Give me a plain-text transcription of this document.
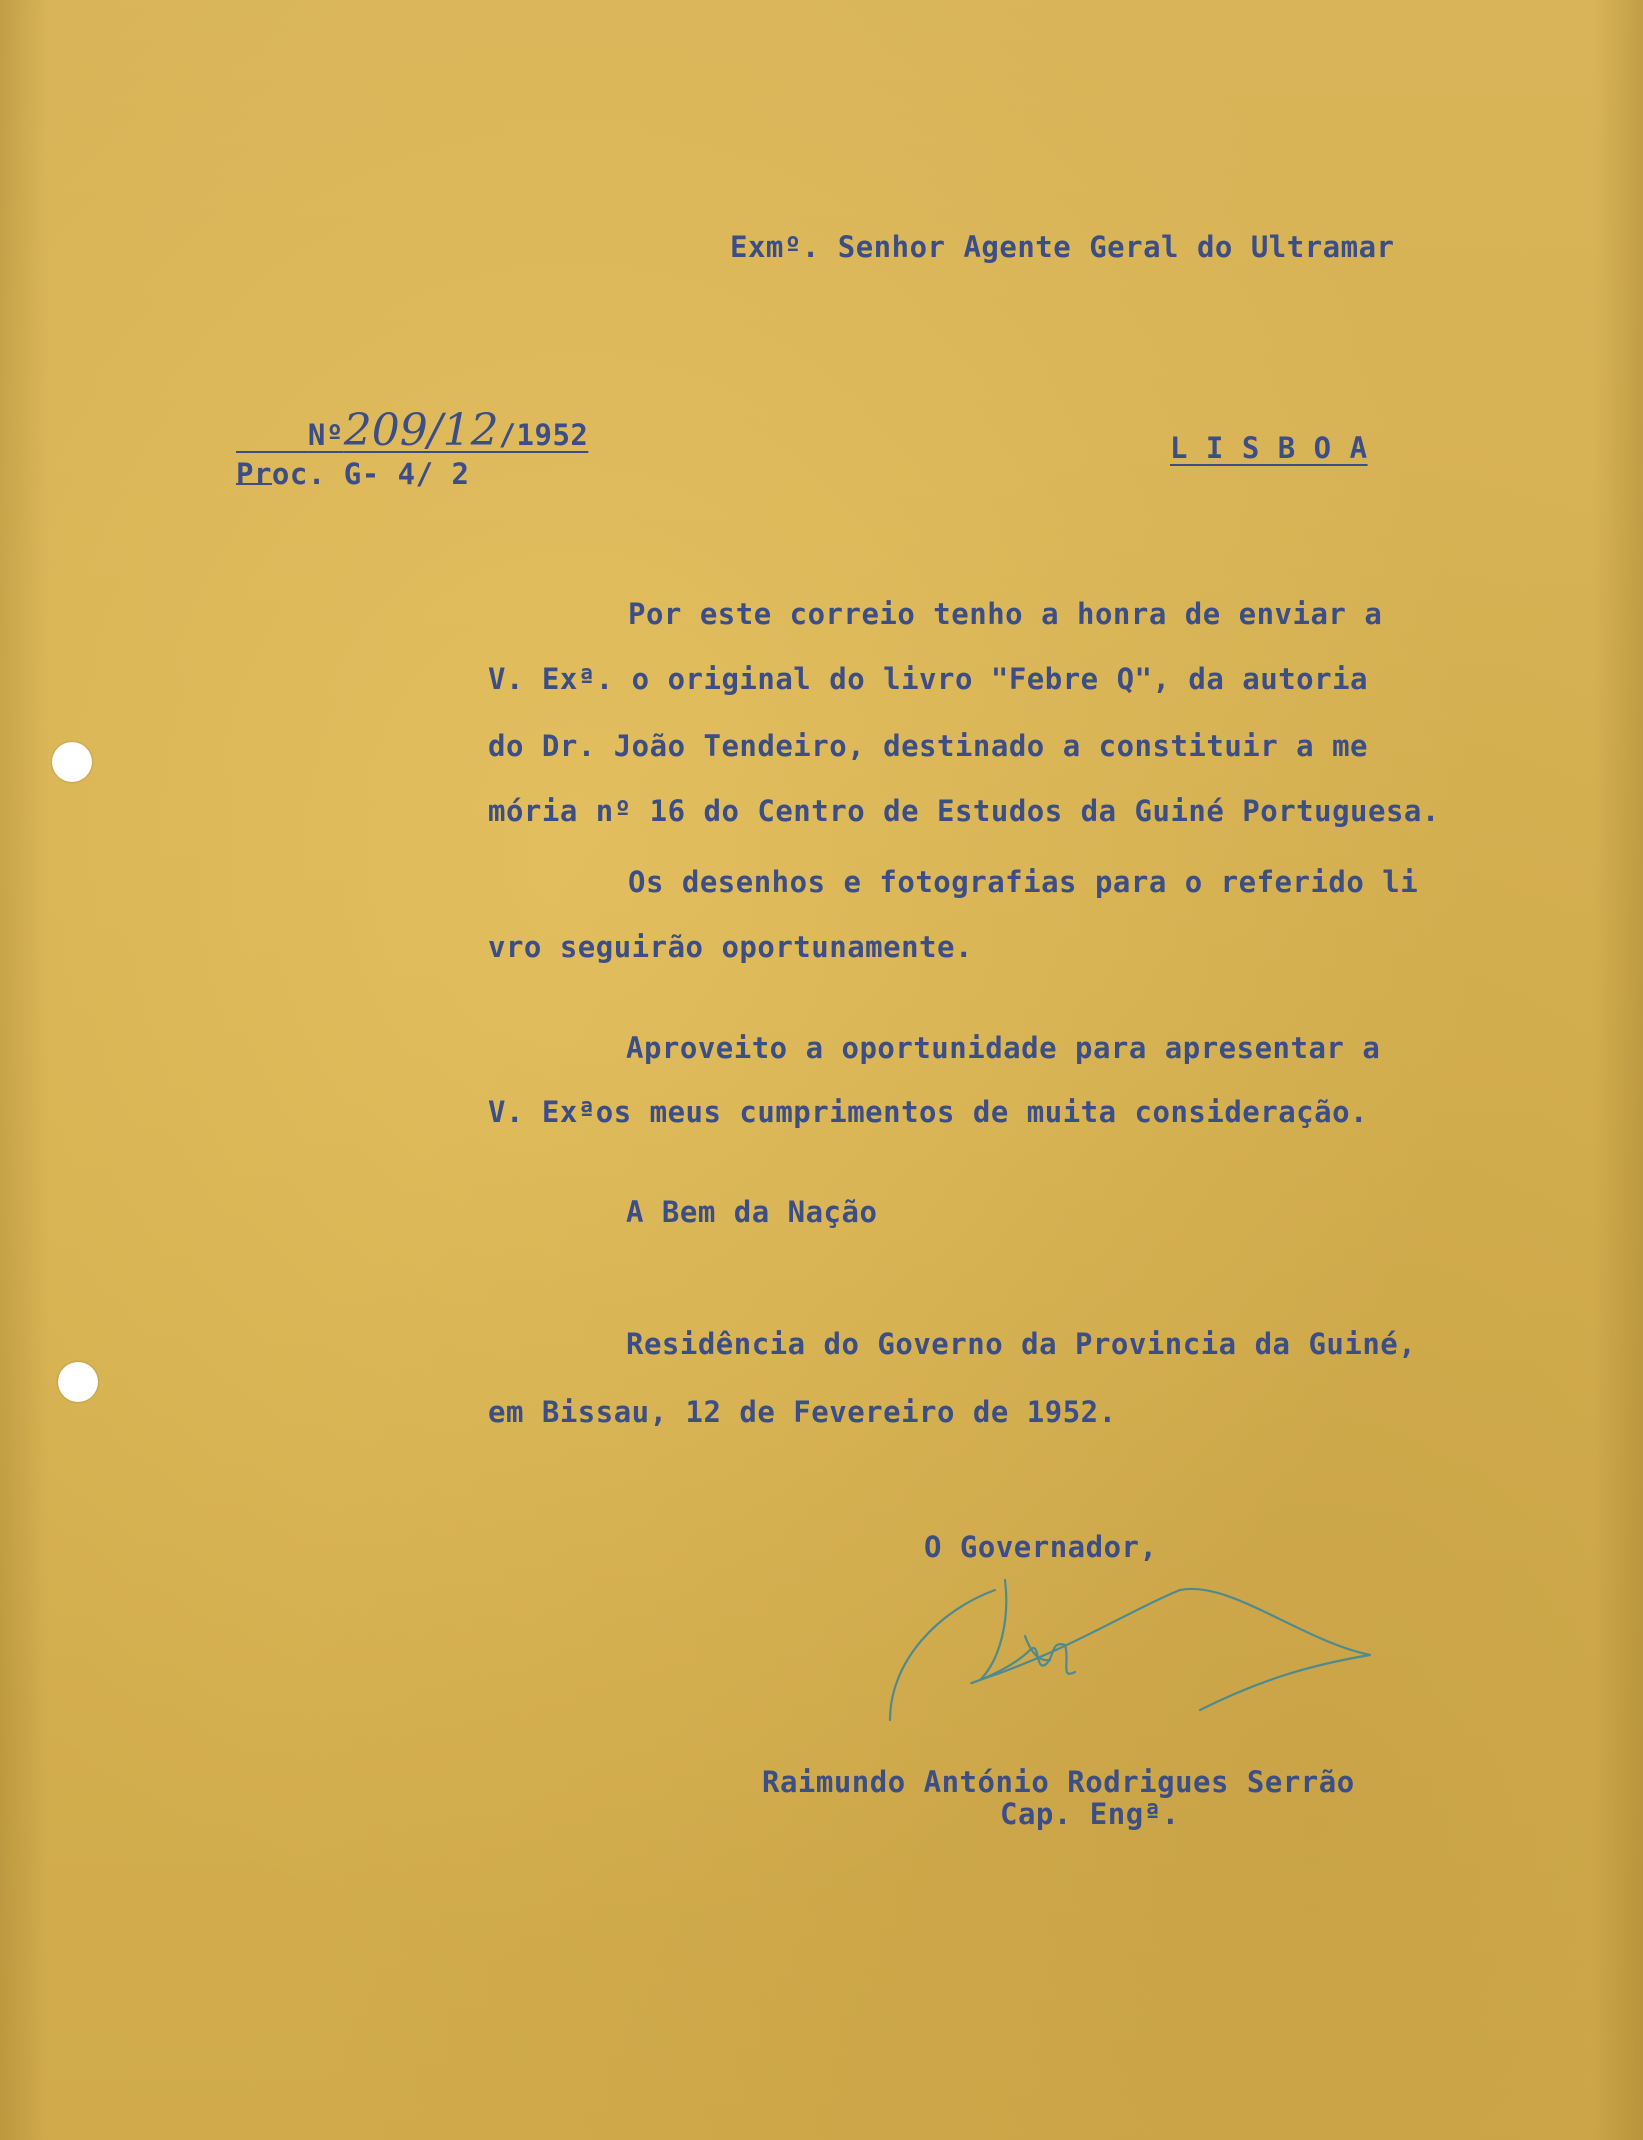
Exmº. Senhor Agente Geral do Ultramar

Nº209/12/1952

Proc. G- 4/ 2
L I S B O A
Por este correio tenho a honra de enviar a
V. Exª. o original do livro "Febre Q", da autoria
do Dr. João Tendeiro, destinado a constituir a me
mória nº 16 do Centro de Estudos da Guiné Portuguesa.
Os desenhos e fotografias para o referido li
vro seguirão oportunamente.
Aproveito a oportunidade para apresentar a
V. Exªos meus cumprimentos de muita consideração.
A Bem da Nação
Residência do Governo da Provincia da Guiné,
em Bissau, 12 de Fevereiro de 1952.
O Governador,
Raimundo António Rodrigues Serrão
Cap. Engª.
